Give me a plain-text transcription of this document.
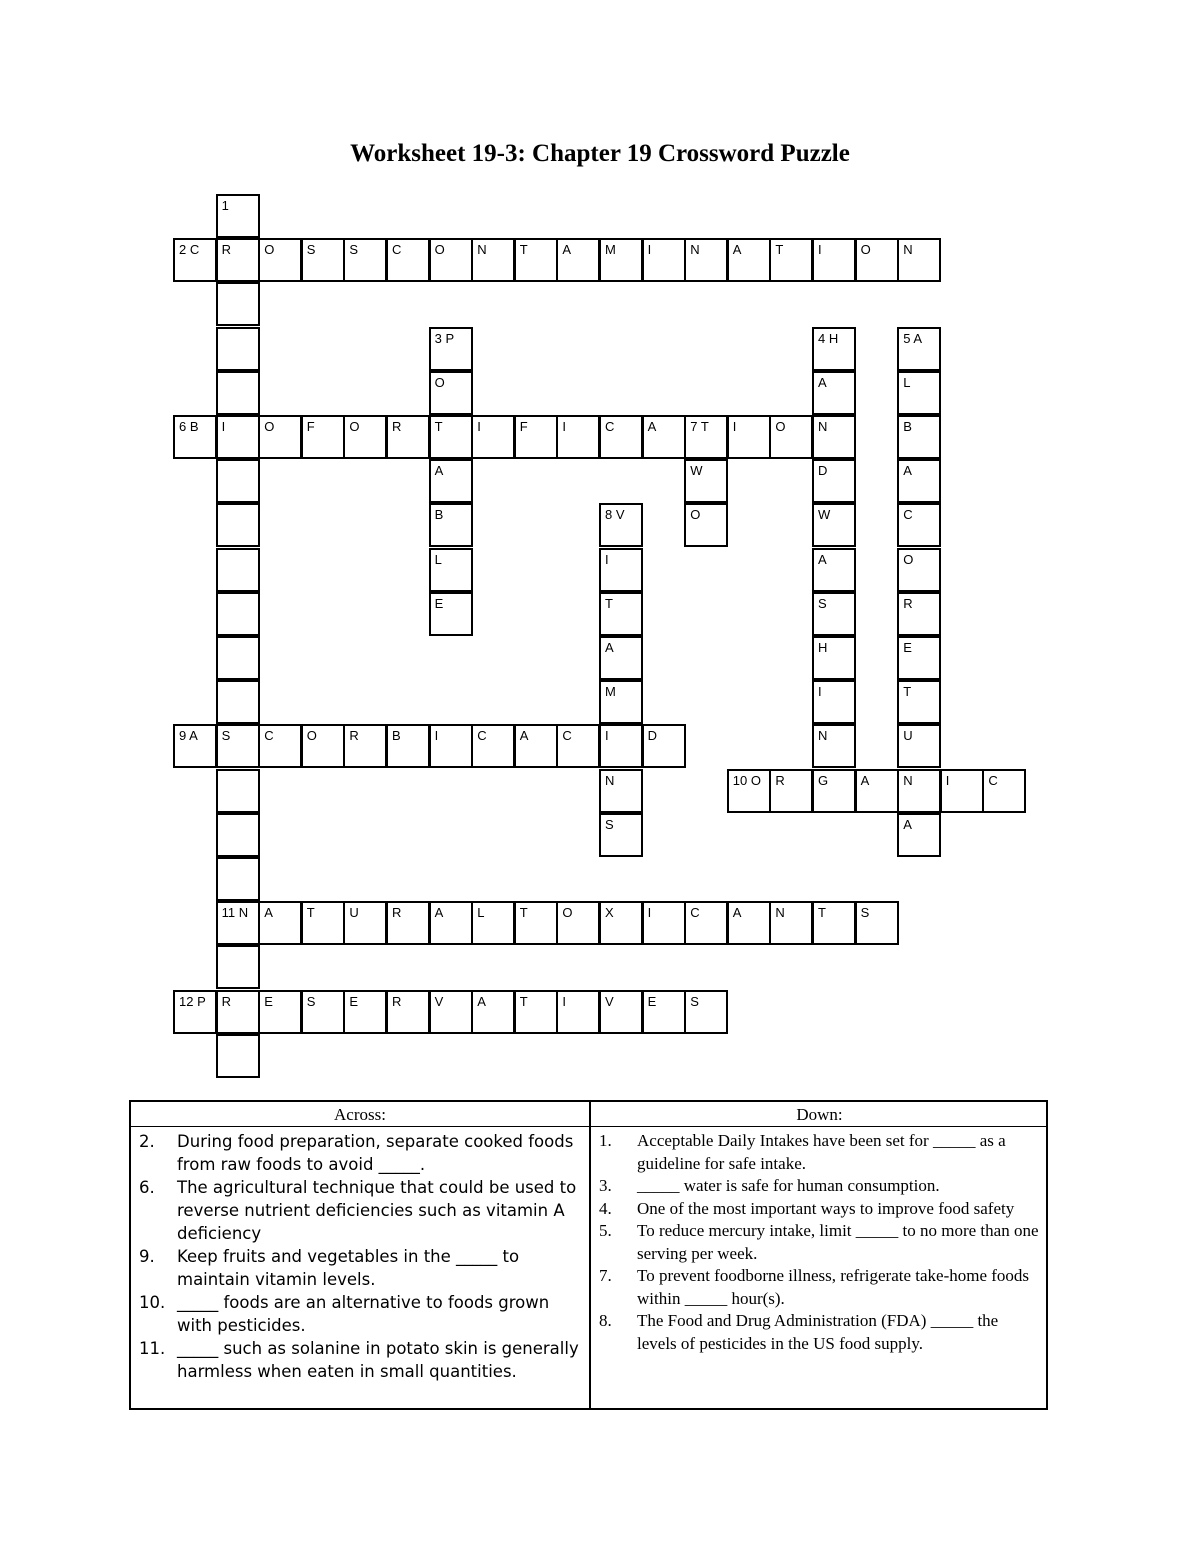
Worksheet 19-3: Chapter 19 Crossword Puzzle
1
2 C	R	O	S	S	C	O	N	T	A	M	I	N	A	T	I	O	N
3 P	4 H	5 A
O	A	L
6 B	I	O	F	O	R	T	I	F	I	C	A	7 T	I	O	N	B
A	W	D	A
B	8 V	O	W	C
L	I	A	O
E	T	S	R
A	H	E
M	I	T
9 A	S	C	O	R	B	I	C	A	C	I	D	N	U
N	10 O	R	G	A	N	I	C
S	A
11 N	A	T	U	R	A	L	T	O	X	I	C	A	N	T	S
12 P	R	E	S	E	R	V	A	T	I	V	E	S
Across:	Down:
2.	During food preparation, separate cooked foods from raw foods to avoid _____.
6.	The agricultural technique that could be used to reverse nutrient deficiencies such as vitamin A deficiency
9.	Keep fruits and vegetables in the _____ to maintain vitamin levels.
10. _____ foods are an alternative to foods grown with pesticides.
11. _____ such as solanine in potato skin is generally harmless when eaten in small quantities.
1.	Acceptable Daily Intakes have been set for _____ as a guideline for safe intake.
3.	_____ water is safe for human consumption.
4.	One of the most important ways to improve food safety
5.	To reduce mercury intake, limit _____ to no more than one serving per week.
7.	To prevent foodborne illness, refrigerate take-home foods within _____ hour(s).
8.	The Food and Drug Administration (FDA) _____ the levels of pesticides in the US food supply.
